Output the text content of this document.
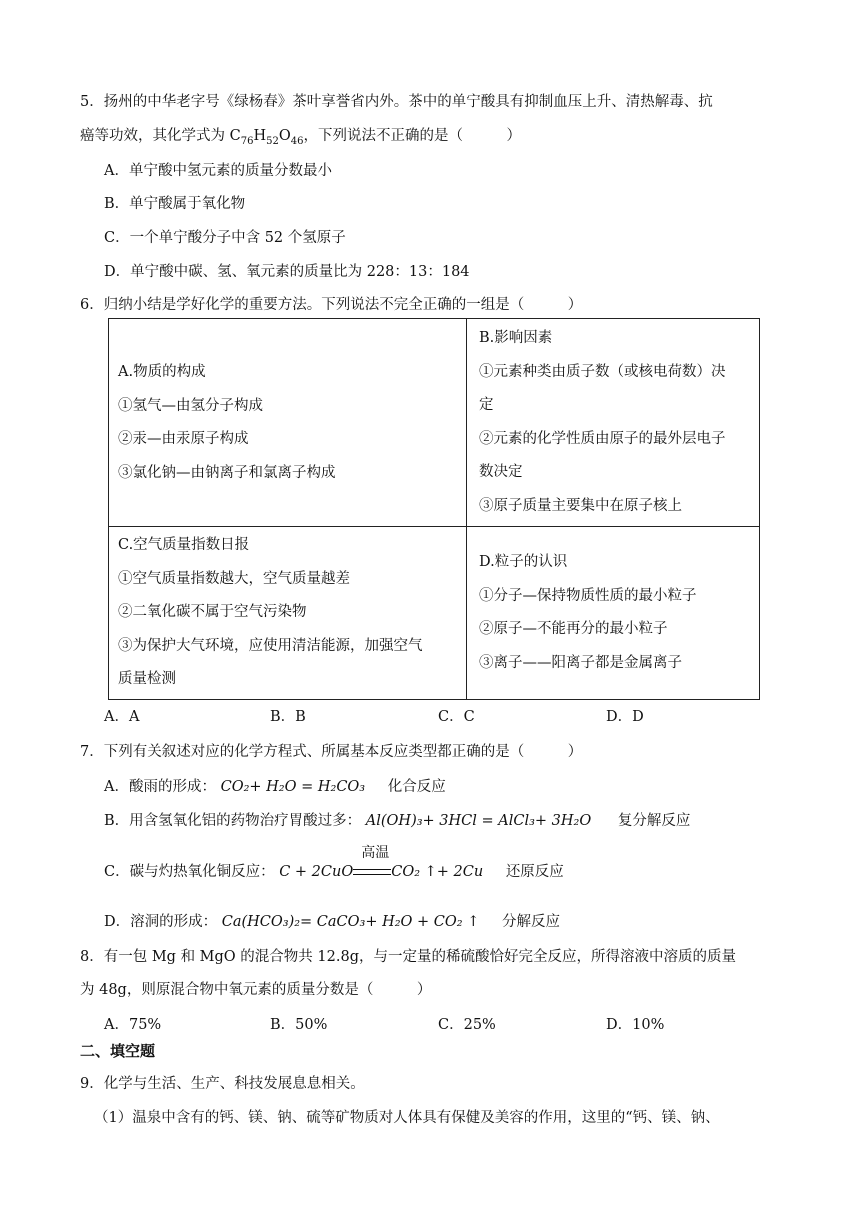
5．扬州的中华老字号《绿杨春》茶叶享誉省内外。茶中的单宁酸具有抑制血压上升、清热解毒、抗
癌等功效，其化学式为 $C_{76}H_{52}O_{46}$，下列说法不正确的是（　　　）
A．单宁酸中氢元素的质量分数最小
B．单宁酸属于氧化物
C．一个单宁酸分子中含 52 个氢原子
D．单宁酸中碳、氢、氧元素的质量比为 228：13：184
6．归纳小结是学好化学的重要方法。下列说法不完全正确的一组是（　　　）
A.物质的构成
①氢气—由氢分子构成
②汞—由汞原子构成
③氯化钠—由钠离子和氯离子构成
B.影响因素
①元素种类由质子数（或核电荷数）决
定
②元素的化学性质由原子的最外层电子
数决定
③原子质量主要集中在原子核上
C.空气质量指数日报
①空气质量指数越大，空气质量越差
②二氧化碳不属于空气污染物
③为保护大气环境，应使用清洁能源，加强空气
质量检测
D.粒子的认识
①分子—保持物质性质的最小粒子
②原子—不能再分的最小粒子
③离子——阳离子都是金属离子
A．A	B．B	C．C	D．D
7．下列有关叙述对应的化学方程式、所属基本反应类型都正确的是（　　　）
A．酸雨的形成： CO₂+ H₂O = H₂CO₃ 化合反应
B．用含氢氧化铝的药物治疗胃酸过多： Al(OH)₃+ 3HCl = AlCl₃+ 3H₂O 复分解反应
C．碳与灼热氧化铜反应： C + 2CuO
高温
CO₂ ↑+ 2Cu 还原反应
D．溶洞的形成： Ca(HCO₃)₂= CaCO₃+ H₂O + CO₂ ↑ 分解反应
8．有一包 Mg 和 MgO 的混合物共 12.8g，与一定量的稀硫酸恰好完全反应，所得溶液中溶质的质量
为 48g，则原混合物中氧元素的质量分数是（　　　）
A．75%	B．50%	C．25%	D．10%
二、填空题
9．化学与生活、生产、科技发展息息相关。
（1）温泉中含有的钙、镁、钠、硫等矿物质对人体具有保健及美容的作用，这里的“钙、镁、钠、
